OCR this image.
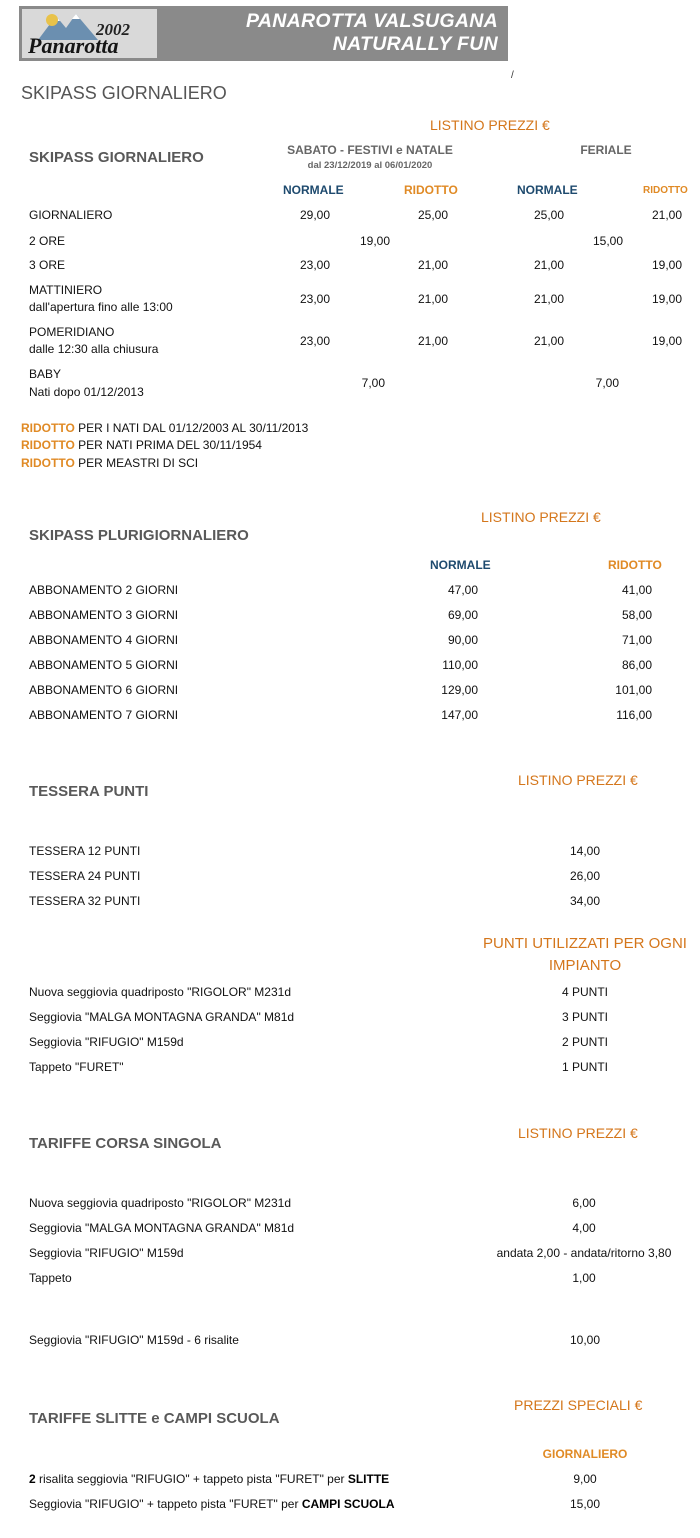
2002
Panarotta
PANAROTTA VALSUGANA
NATURALLY FUN
/
SKIPASS GIORNALIERO
LISTINO PREZZI €
SKIPASS GIORNALIERO	SABATO - FESTIVI e NATALE
dal 23/12/2019 al 06/01/2020
FERIALE
NORMALE	RIDOTTO	NORMALE	RIDOTTO
GIORNALIERO	29,00	25,00	25,00	21,00
2 ORE	19,00	15,00
3 ORE	23,00	21,00	21,00	19,00
MATTINIERO
dall'apertura fino alle 13:00
23,00	21,00	21,00	19,00
POMERIDIANO
dalle 12:30 alla chiusura
23,00	21,00	21,00	19,00
BABY
Nati dopo 01/12/2013
7,00	7,00
RIDOTTO PER I NATI DAL 01/12/2003 AL 30/11/2013
RIDOTTO PER NATI PRIMA DEL 30/11/1954
RIDOTTO PER MEASTRI DI SCI
LISTINO PREZZI €
SKIPASS PLURIGIORNALIERO
NORMALE	RIDOTTO
ABBONAMENTO 2 GIORNI	47,00	41,00
ABBONAMENTO 3 GIORNI	69,00	58,00
ABBONAMENTO 4 GIORNI	90,00	71,00
ABBONAMENTO 5 GIORNI	110,00	86,00
ABBONAMENTO 6 GIORNI	129,00	101,00
ABBONAMENTO 7 GIORNI	147,00	116,00
LISTINO PREZZI €
TESSERA PUNTI
TESSERA 12 PUNTI	14,00
TESSERA 24 PUNTI	26,00
TESSERA 32 PUNTI	34,00
PUNTI UTILIZZATI PER OGNI
IMPIANTO
Nuova seggiovia quadriposto "RIGOLOR" M231d	4 PUNTI
Seggiovia "MALGA MONTAGNA GRANDA" M81d	3 PUNTI
Seggiovia "RIFUGIO" M159d	2 PUNTI
Tappeto "FURET"	1 PUNTI
LISTINO PREZZI €
TARIFFE CORSA SINGOLA
Nuova seggiovia quadriposto "RIGOLOR" M231d	6,00
Seggiovia "MALGA MONTAGNA GRANDA" M81d	4,00
Seggiovia "RIFUGIO" M159d	andata 2,00 - andata/ritorno 3,80
Tappeto	1,00
Seggiovia "RIFUGIO" M159d - 6 risalite	10,00
PREZZI SPECIALI €
TARIFFE SLITTE e CAMPI SCUOLA
GIORNALIERO
2 risalita seggiovia "RIFUGIO" + tappeto pista "FURET" per SLITTE	9,00
Seggiovia "RIFUGIO" + tappeto pista "FURET" per CAMPI SCUOLA	15,00
